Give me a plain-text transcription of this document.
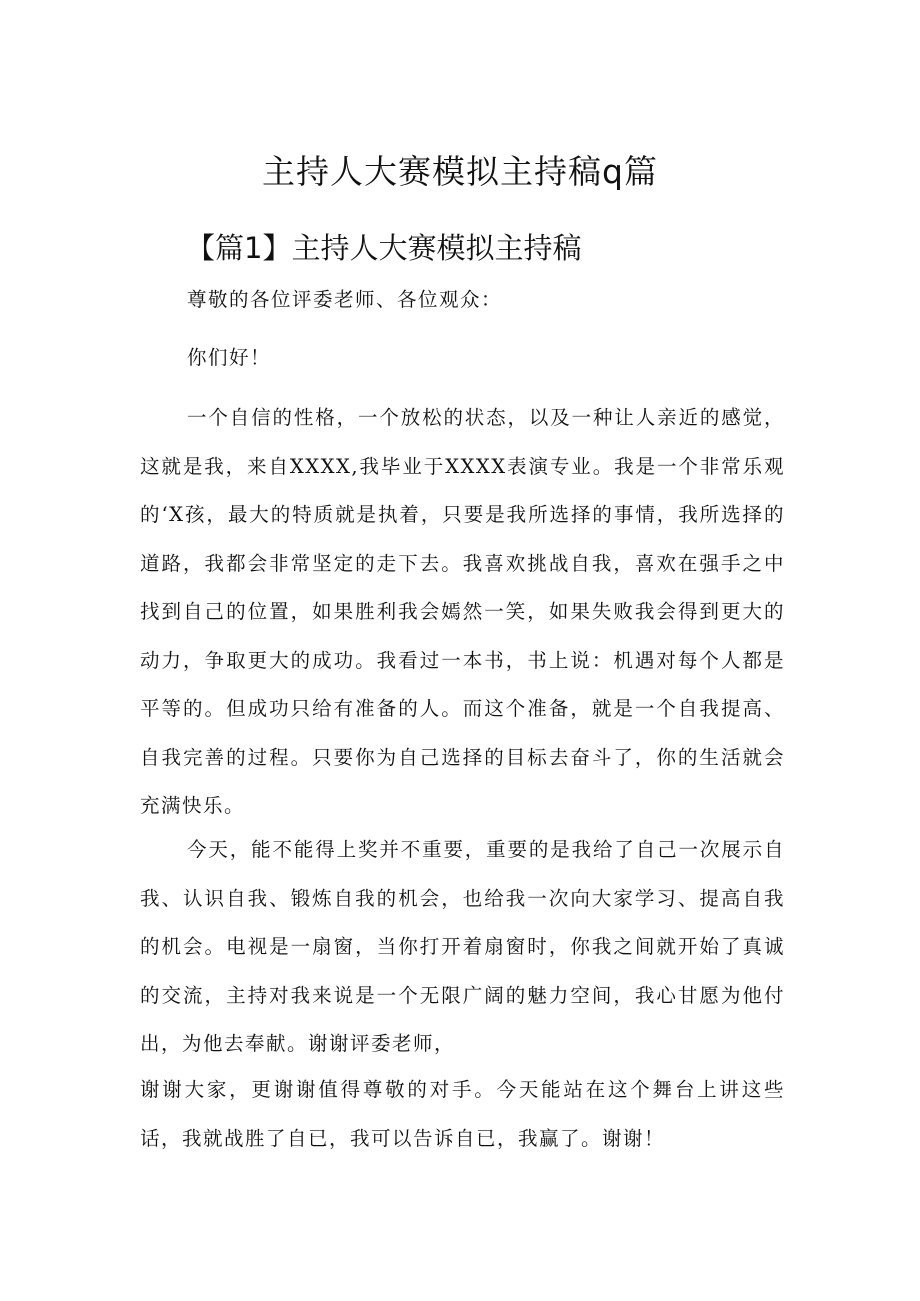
主持人大赛模拟主持稿q篇
【篇1】主持人大赛模拟主持稿

尊敬的各位评委老师、各位观众：

你们好！

一个自信的性格，一个放松的状态，以及一种让人亲近的感觉，这就是我，来自XXXX,我毕业于XXXX表演专业。我是一个非常乐观的‘X孩，最大的特质就是执着，只要是我所选择的事情，我所选择的道路，我都会非常坚定的走下去。我喜欢挑战自我，喜欢在强手之中找到自己的位置，如果胜利我会嫣然一笑，如果失败我会得到更大的动力，争取更大的成功。我看过一本书，书上说：机遇对每个人都是平等的。但成功只给有准备的人。而这个准备，就是一个自我提高、自我完善的过程。只要你为自己选择的目标去奋斗了，你的生活就会充满快乐。

今天，能不能得上奖并不重要，重要的是我给了自己一次展示自我、认识自我、锻炼自我的机会，也给我一次向大家学习、提高自我的机会。电视是一扇窗，当你打开着扇窗时，你我之间就开始了真诚的交流，主持对我来说是一个无限广阔的魅力空间，我心甘愿为他付出，为他去奉献。谢谢评委老师，

谢谢大家，更谢谢值得尊敬的对手。今天能站在这个舞台上讲这些话，我就战胜了自已，我可以告诉自已，我赢了。谢谢！
